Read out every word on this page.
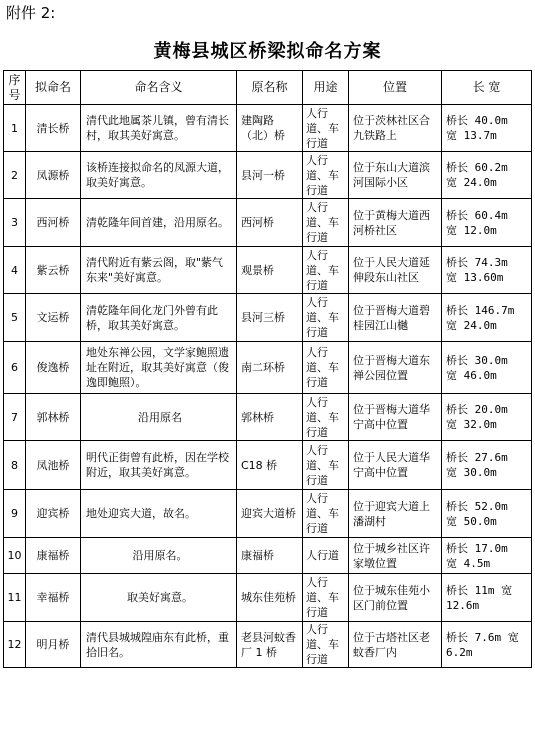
附件 2:
黄梅县城区桥梁拟命名方案
序
号	拟命名	命名含义	原名称	用途	位置	长 宽
1	清长桥	清代此地属茶儿镇，曾有清长村，取其美好寓意。	建陶路（北）桥	人行道、车行道	位于茨林社区合九铁路上	桥长 40.0m
宽 13.7m
2	凤源桥	该桥连接拟命名的凤源大道，取美好寓意。	县河一桥	人行道、车行道	位于东山大道滨河国际小区	桥长 60.2m
宽 24.0m
3	西河桥	清乾隆年间首建，沿用原名。	西河桥	人行道、车行道	位于黄梅大道西河桥社区	桥长 60.4m
宽 12.0m
4	紫云桥	清代附近有紫云阁，取"紫气东来"美好寓意。	观景桥	人行道、车行道	位于人民大道延伸段东山社区	桥长 74.3m
宽 13.60m
5	文运桥	清乾隆年间化龙门外曾有此桥，取其美好寓意。	县河三桥	人行道、车行道	位于晋梅大道碧桂园江山樾	桥长 146.7m
宽 24.0m
6	俊逸桥	地处东禅公园，文学家鲍照遗址在附近，取其美好寓意（俊逸即鲍照）。	南二环桥	人行道、车行道	位于晋梅大道东禅公园位置	桥长 30.0m
宽 46.0m
7	郭林桥	沿用原名	郭林桥	人行道、车行道	位于晋梅大道华宁高中位置	桥长 20.0m
宽 32.0m
8	凤池桥	明代正街曾有此桥，因在学校附近，取其美好寓意。	C18 桥	人行道、车行道	位于人民大道华宁高中位置	桥长 27.6m
宽 30.0m
9	迎宾桥	地处迎宾大道，故名。	迎宾大道桥	人行道、车行道	位于迎宾大道上潘湖村	桥长 52.0m
宽 50.0m
10	康福桥	沿用原名。	康福桥	人行道	位于城乡社区许家墩位置	桥长 17.0m
宽 4.5m
11	幸福桥	取美好寓意。	城东佳苑桥	人行道、车行道	位于城东佳苑小区门前位置	桥长 11m 宽
12.6m
12	明月桥	清代县城城隍庙东有此桥，重拾旧名。	老县河蚊香厂 1 桥	人行道、车行道	位于古塔社区老蚊香厂内	桥长 7.6m 宽
6.2m
